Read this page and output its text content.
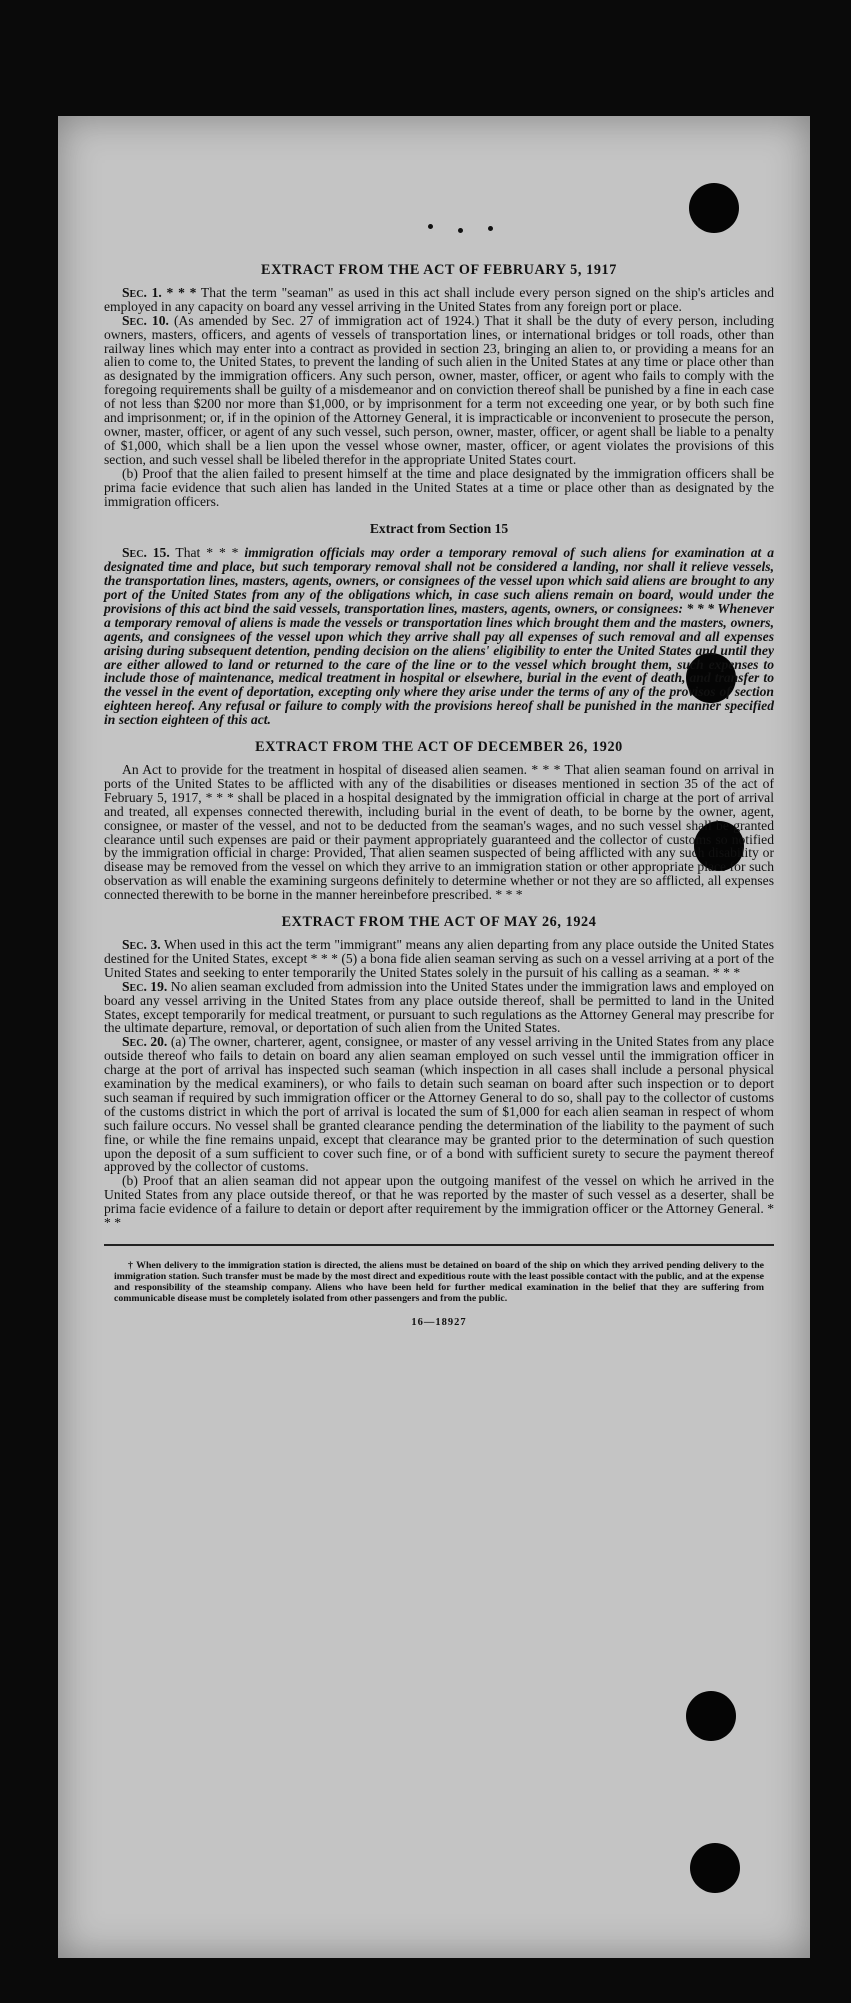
EXTRACT FROM THE ACT OF FEBRUARY 5, 1917

Sec. 1. * * * That the term "seaman" as used in this act shall include every person signed on the ship's articles and employed in any capacity on board any vessel arriving in the United States from any foreign port or place.

Sec. 10. (As amended by Sec. 27 of immigration act of 1924.) That it shall be the duty of every person, including owners, masters, officers, and agents of vessels of transportation lines, or international bridges or toll roads, other than railway lines which may enter into a contract as provided in section 23, bringing an alien to, or providing a means for an alien to come to, the United States, to prevent the landing of such alien in the United States at any time or place other than as designated by the immigration officers. Any such person, owner, master, officer, or agent who fails to comply with the foregoing requirements shall be guilty of a misdemeanor and on conviction thereof shall be punished by a fine in each case of not less than $200 nor more than $1,000, or by imprisonment for a term not exceeding one year, or by both such fine and imprisonment; or, if in the opinion of the Attorney General, it is impracticable or inconvenient to prosecute the person, owner, master, officer, or agent of any such vessel, such person, owner, master, officer, or agent shall be liable to a penalty of $1,000, which shall be a lien upon the vessel whose owner, master, officer, or agent violates the provisions of this section, and such vessel shall be libeled therefor in the appropriate United States court.

(b) Proof that the alien failed to present himself at the time and place designated by the immigration officers shall be prima facie evidence that such alien has landed in the United States at a time or place other than as designated by the immigration officers.

Extract from Section 15

Sec. 15. That * * * immigration officials may order a temporary removal of such aliens for examination at a designated time and place, but such temporary removal shall not be considered a landing, nor shall it relieve vessels, the transportation lines, masters, agents, owners, or consignees of the vessel upon which said aliens are brought to any port of the United States from any of the obligations which, in case such aliens remain on board, would under the provisions of this act bind the said vessels, transportation lines, masters, agents, owners, or consignees: * * * Whenever a temporary removal of aliens is made the vessels or transportation lines which brought them and the masters, owners, agents, and consignees of the vessel upon which they arrive shall pay all expenses of such removal and all expenses arising during subsequent detention, pending decision on the aliens' eligibility to enter the United States and until they are either allowed to land or returned to the care of the line or to the vessel which brought them, such expenses to include those of maintenance, medical treatment in hospital or elsewhere, burial in the event of death, and transfer to the vessel in the event of deportation, excepting only where they arise under the terms of any of the provisos of section eighteen hereof. Any refusal or failure to comply with the provisions hereof shall be punished in the manner specified in section eighteen of this act.

EXTRACT FROM THE ACT OF DECEMBER 26, 1920

An Act to provide for the treatment in hospital of diseased alien seamen. * * * That alien seaman found on arrival in ports of the United States to be afflicted with any of the disabilities or diseases mentioned in section 35 of the act of February 5, 1917, * * * shall be placed in a hospital designated by the immigration official in charge at the port of arrival and treated, all expenses connected therewith, including burial in the event of death, to be borne by the owner, agent, consignee, or master of the vessel, and not to be deducted from the seaman's wages, and no such vessel shall be granted clearance until such expenses are paid or their payment appropriately guaranteed and the collector of customs so notified by the immigration official in charge: Provided, That alien seamen suspected of being afflicted with any such disability or disease may be removed from the vessel on which they arrive to an immigration station or other appropriate place for such observation as will enable the examining surgeons definitely to determine whether or not they are so afflicted, all expenses connected therewith to be borne in the manner hereinbefore prescribed. * * *

EXTRACT FROM THE ACT OF MAY 26, 1924

Sec. 3. When used in this act the term "immigrant" means any alien departing from any place outside the United States destined for the United States, except * * * (5) a bona fide alien seaman serving as such on a vessel arriving at a port of the United States and seeking to enter temporarily the United States solely in the pursuit of his calling as a seaman. * * *

Sec. 19. No alien seaman excluded from admission into the United States under the immigration laws and employed on board any vessel arriving in the United States from any place outside thereof, shall be permitted to land in the United States, except temporarily for medical treatment, or pursuant to such regulations as the Attorney General may prescribe for the ultimate departure, removal, or deportation of such alien from the United States.

Sec. 20. (a) The owner, charterer, agent, consignee, or master of any vessel arriving in the United States from any place outside thereof who fails to detain on board any alien seaman employed on such vessel until the immigration officer in charge at the port of arrival has inspected such seaman (which inspection in all cases shall include a personal physical examination by the medical examiners), or who fails to detain such seaman on board after such inspection or to deport such seaman if required by such immigration officer or the Attorney General to do so, shall pay to the collector of customs of the customs district in which the port of arrival is located the sum of $1,000 for each alien seaman in respect of whom such failure occurs. No vessel shall be granted clearance pending the determination of the liability to the payment of such fine, or while the fine remains unpaid, except that clearance may be granted prior to the determination of such question upon the deposit of a sum sufficient to cover such fine, or of a bond with sufficient surety to secure the payment thereof approved by the collector of customs.

(b) Proof that an alien seaman did not appear upon the outgoing manifest of the vessel on which he arrived in the United States from any place outside thereof, or that he was reported by the master of such vessel as a deserter, shall be prima facie evidence of a failure to detain or deport after requirement by the immigration officer or the Attorney General. * * *

† When delivery to the immigration station is directed, the aliens must be detained on board of the ship on which they arrived pending delivery to the immigration station. Such transfer must be made by the most direct and expeditious route with the least possible contact with the public, and at the expense and responsibility of the steamship company. Aliens who have been held for further medical examination in the belief that they are suffering from communicable disease must be completely isolated from other passengers and from the public.

16—18927
